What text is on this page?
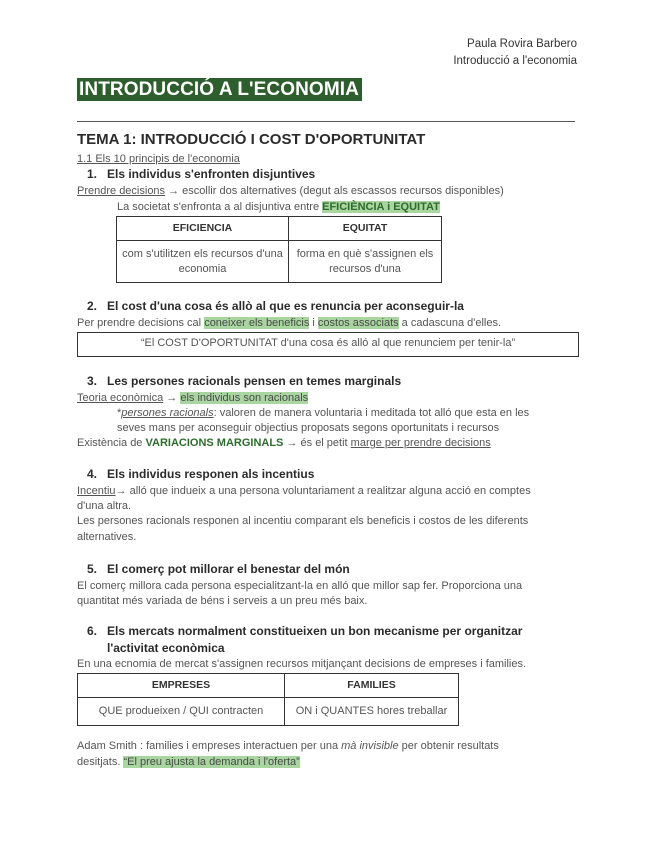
Paula Rovira Barbero
Introducció a l'economia
INTRODUCCIÓ A L'ECONOMIA
TEMA 1: INTRODUCCIÓ I COST D'OPORTUNITAT
1.1 Els 10 principis de l'economia
1. Els individus s'enfronten disjuntives
Prendre decisions → escollir dos alternatives (degut als escassos recursos disponibles)
La societat s'enfronta a al disjuntiva entre EFICIÈNCIA i EQUITAT
EFICIENCIA	EQUITAT
com s'utilitzen els recursos d'una economia	forma en què s'assignen els recursos d'una
2. El cost d'una cosa és allò al que es renuncia per aconseguir-la
Per prendre decisions cal coneixer els beneficis i costos associats a cadascuna d'elles.
“El COST D'OPORTUNITAT d'una cosa és alló al que renunciem per tenir-la”
3. Les persones racionals pensen en temes marginals
Teoria econòmica → els individus son racionals
*persones racionals: valoren de manera voluntaria i meditada tot alló que esta en les
seves mans per aconseguir objectius proposats segons oportunitats i recursos
Existència de VARIACIONS MARGINALS → és el petit marge per prendre decisions
4. Els individus responen als incentius
Incentiu→ alló que indueix a una persona voluntariament a realitzar alguna acció en comptes
d'una altra.
Les persones racionals responen al incentiu comparant els beneficis i costos de les diferents
alternatives.
5. El comerç pot millorar el benestar del món
El comerç millora cada persona especialitzant-la en alló que millor sap fer. Proporciona una
quantitat més variada de béns i serveis a un preu més baix.
6. Els mercats normalment constitueixen un bon mecanisme per organitzar
l'activitat econòmica
En una ecnomia de mercat s'assignen recursos mitjançant decisions de empreses i families.
EMPRESES	FAMILIES
QUE produeixen / QUI contracten	ON i QUANTES hores treballar
Adam Smith : families i empreses interactuen per una mà invisible per obtenir resultats
desitjats. “El preu ajusta la demanda i l'oferta”
